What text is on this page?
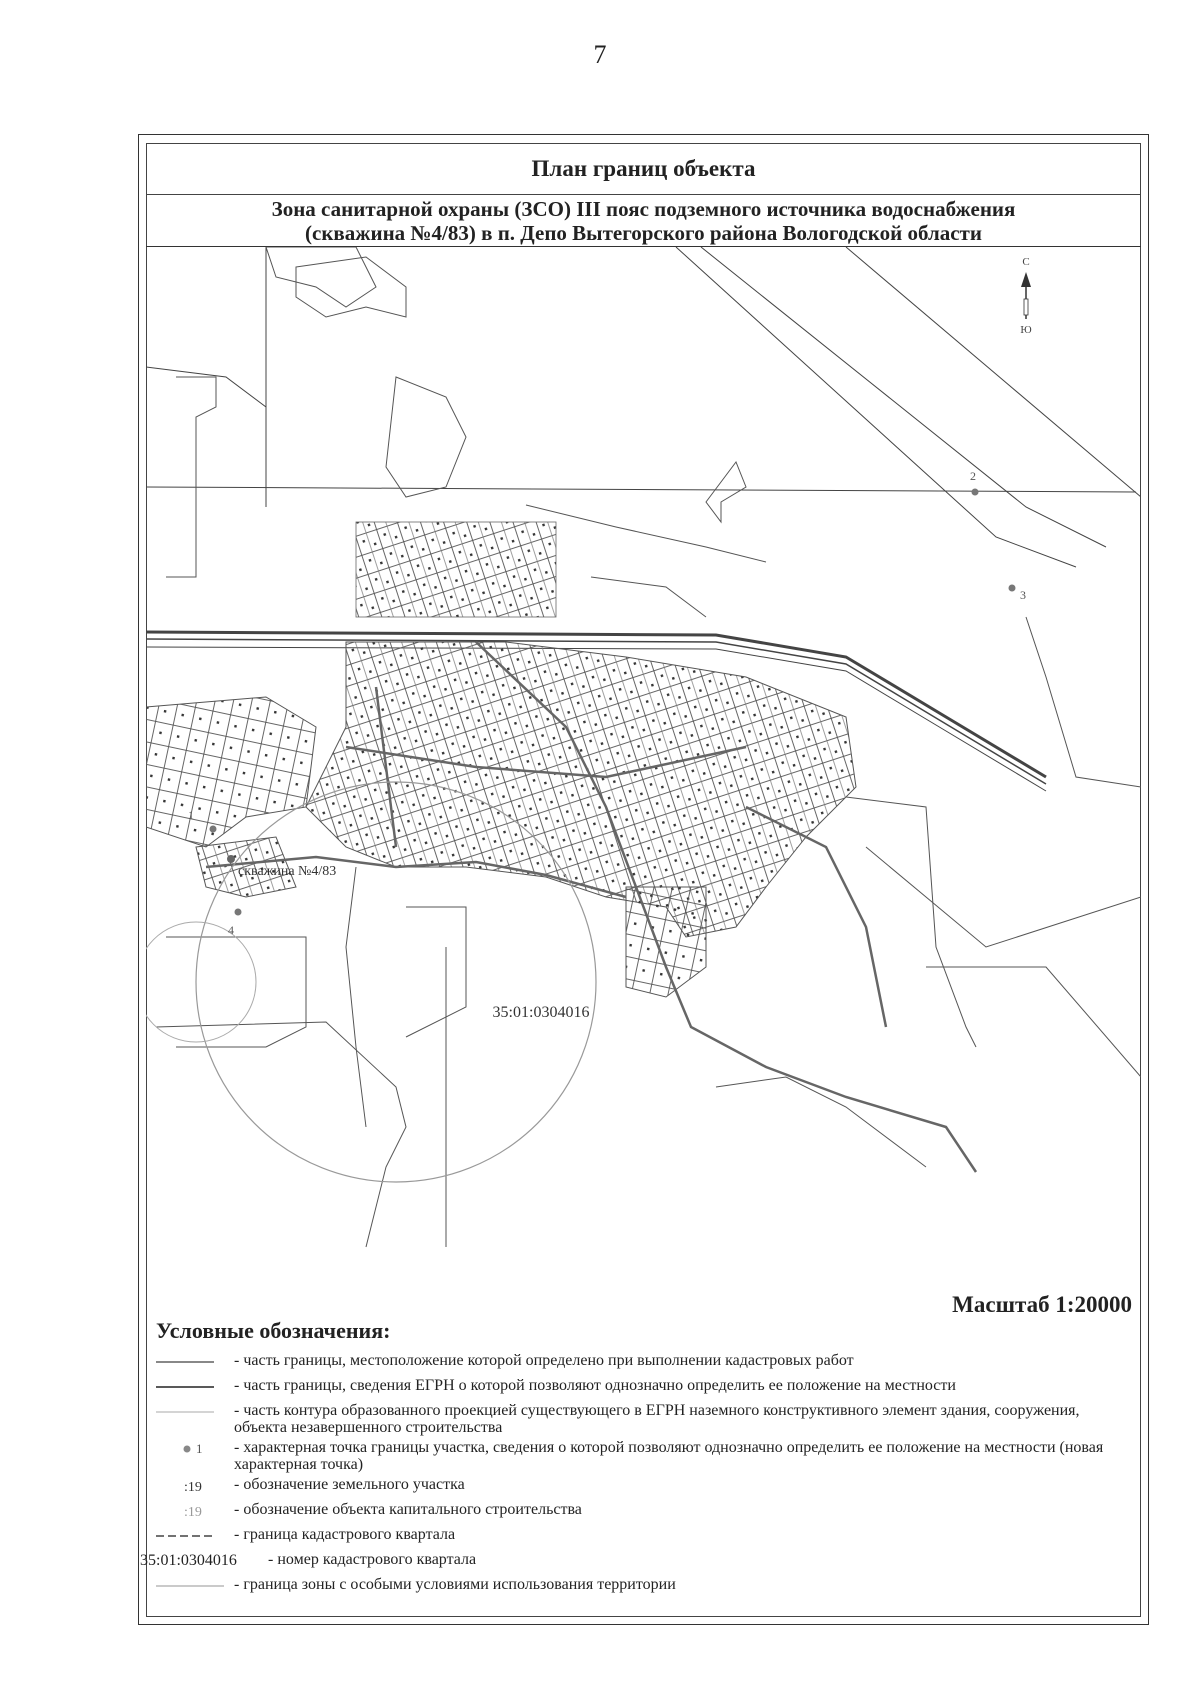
7
План границ объекта
Зона санитарной охраны (ЗСО) III пояс подземного источника водоснабжения
(скважина №4/83) в п. Депо Вытегорского района Вологодской области
С
Ю
1
2
3
4
скважина №4/83
35:01:0304016
Масштаб 1:20000
Условные обозначения:
- часть границы, местоположение которой определено при выполнении кадастровых работ
- часть границы, сведения ЕГРН о которой позволяют однозначно определить ее положение на местности
- часть контура образованного проекцией существующего в ЕГРН наземного конструктивного элемент здания, сооружения, объекта незавершенного строительства
1 - характерная точка границы участка, сведения о которой позволяют однозначно определить ее положение на местности (новая характерная точка)
:19 - обозначение земельного участка
:19 - обозначение объекта капитального строительства
- граница кадастрового квартала
35:01:0304016 - номер кадастрового квартала
- граница зоны с особыми условиями использования территории
